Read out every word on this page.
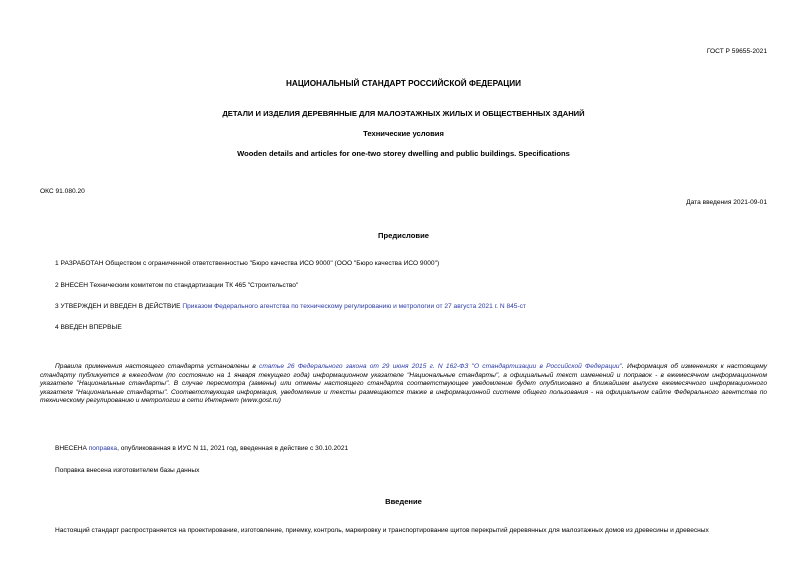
ГОСТ Р 59655-2021
НАЦИОНАЛЬНЫЙ СТАНДАРТ РОССИЙСКОЙ ФЕДЕРАЦИИ
ДЕТАЛИ И ИЗДЕЛИЯ ДЕРЕВЯННЫЕ ДЛЯ МАЛОЭТАЖНЫХ ЖИЛЫХ И ОБЩЕСТВЕННЫХ ЗДАНИЙ
Технические условия
Wooden details and articles for one-two storey dwelling and public buildings. Specifications
ОКС 91.080.20
Дата введения 2021-09-01
Предисловие
1 РАЗРАБОТАН Обществом с ограниченной ответственностью "Бюро качества ИСО 9000" (ООО "Бюро качества ИСО 9000")
2 ВНЕСЕН Техническим комитетом по стандартизации ТК 465 "Строительство"
3 УТВЕРЖДЕН И ВВЕДЕН В ДЕЙСТВИЕ Приказом Федерального агентства по техническому регулированию и метрологии от 27 августа 2021 г. N 845-ст
4 ВВЕДЕН ВПЕРВЫЕ
Правила применения настоящего стандарта установлены в статье 26 Федерального закона от 29 июня 2015 г. N 162-ФЗ "О стандартизации в Российской Федерации". Информация об изменениях к настоящему стандарту публикуется в ежегодном (по состоянию на 1 января текущего года) информационном указателе "Национальные стандарты", а официальный текст изменений и поправок - в ежемесячном информационном указателе "Национальные стандарты". В случае пересмотра (замены) или отмены настоящего стандарта соответствующее уведомление будет опубликовано в ближайшем выпуске ежемесячного информационного указателя "Национальные стандарты". Соответствующая информация, уведомление и тексты размещаются также в информационной системе общего пользования - на официальном сайте Федерального агентства по техническому регулированию и метрологии в сети Интернет (www.gost.ru)
ВНЕСЕНА поправка, опубликованная в ИУС N 11, 2021 год, введенная в действие с 30.10.2021
Поправка внесена изготовителем базы данных
Введение
Настоящий стандарт распространяется на проектирование, изготовление, приемку, контроль, маркировку и транспортирование щитов перекрытий деревянных для малоэтажных домов из древесины и древесных
